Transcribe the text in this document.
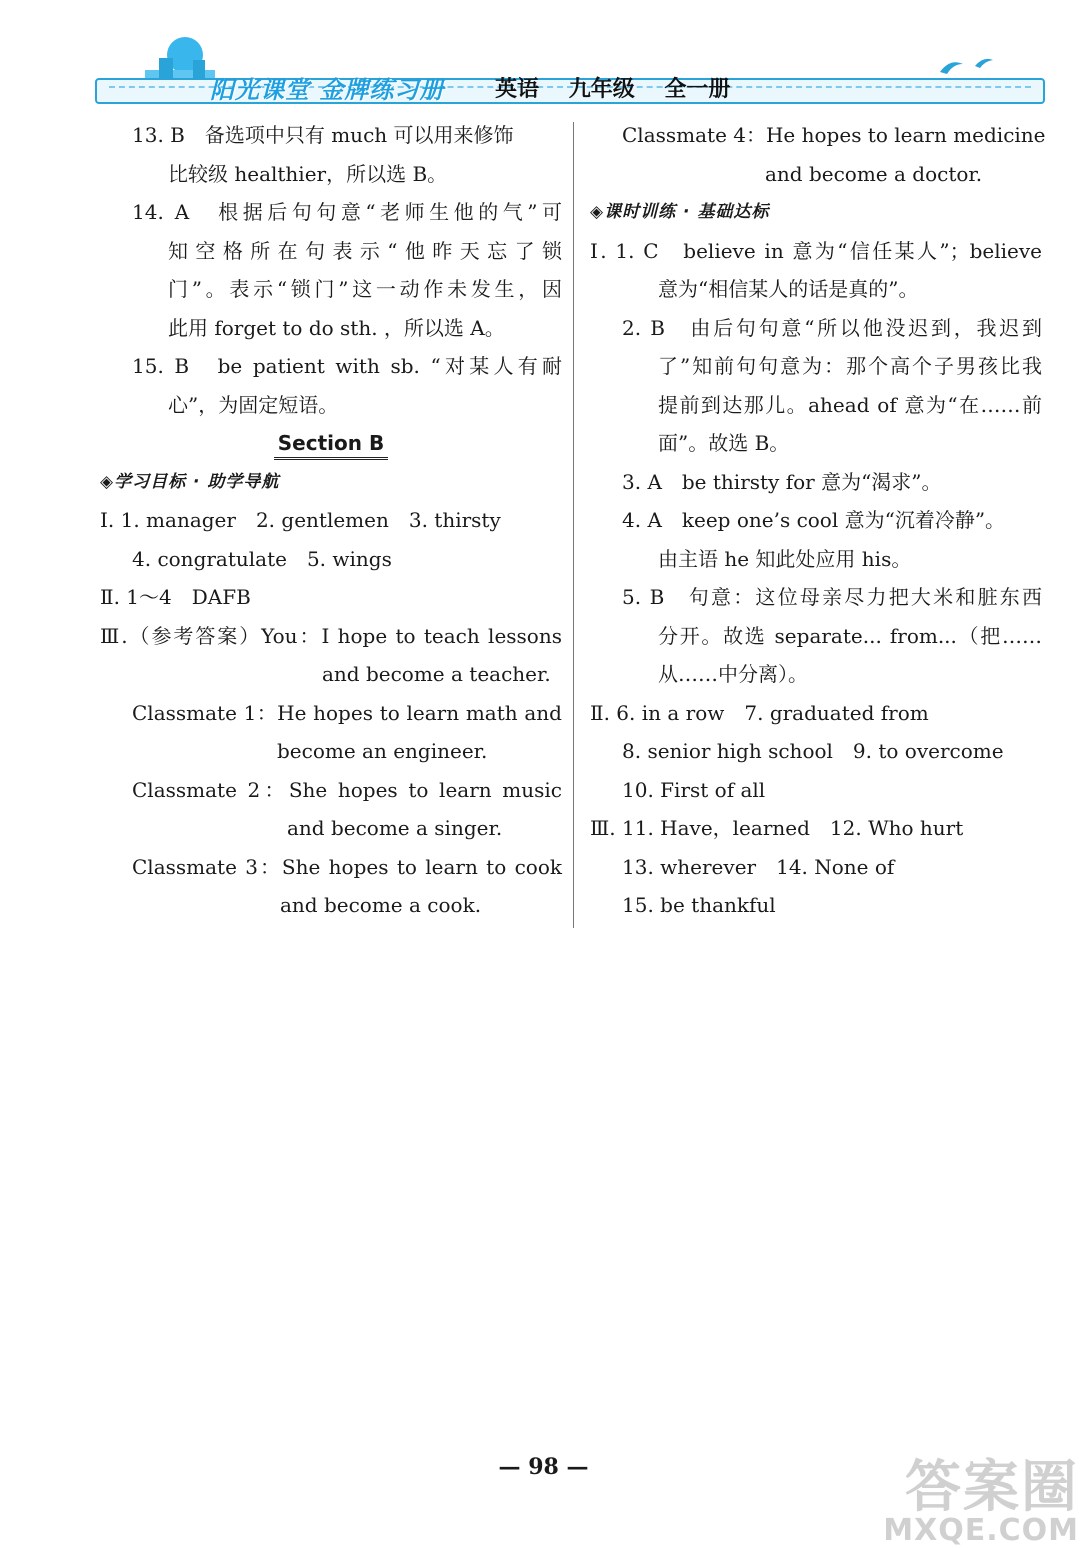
阳光课堂 金牌练习册 英语 九年级 全一册
13. B　备选项中只有 much 可以用来修饰
比较级 healthier，所以选 B。
14. A　根据后句句意“老师生他的气”可
知空格所在句表示“他昨天忘了锁
门”。表示“锁门”这一动作未发生，因
此用 forget to do sth. ，所以选 A。
15. B　be patient with sb. “对某人有耐
心”，为固定短语。
Section B
◈学习目标 · 助学导航
Ⅰ. 1. manager　2. gentlemen　3. thirsty
4. congratulate　5. wings
Ⅱ. 1～4　DAFB
Ⅲ.（参考答案）You：I hope to teach lessons
and become a teacher.
Classmate 1：He hopes to learn math and
become an engineer.
Classmate 2：She hopes to learn music
and become a singer.
Classmate 3：She hopes to learn to cook
and become a cook.
Classmate 4：He hopes to learn medicine
and become a doctor.
◈课时训练 · 基础达标
Ⅰ. 1. C　believe in 意为“信任某人”；believe
意为“相信某人的话是真的”。
2. B　由后句句意“所以他没迟到，我迟到
了”知前句句意为：那个高个子男孩比我
提前到达那儿。ahead of 意为“在……前
面”。故选 B。
3. A　be thirsty for 意为“渴求”。
4. A　keep one’s cool 意为“沉着冷静”。
由主语 he 知此处应用 his。
5. B　句意：这位母亲尽力把大米和脏东西
分开。故选 separate... from...（把……
从……中分离）。
Ⅱ. 6. in a row　7. graduated from
8. senior high school　9. to overcome
10. First of all
Ⅲ. 11. Have，learned　12. Who hurt
13. wherever　14. None of
15. be thankful
— 98 —	答案圈
MXQE.COM
